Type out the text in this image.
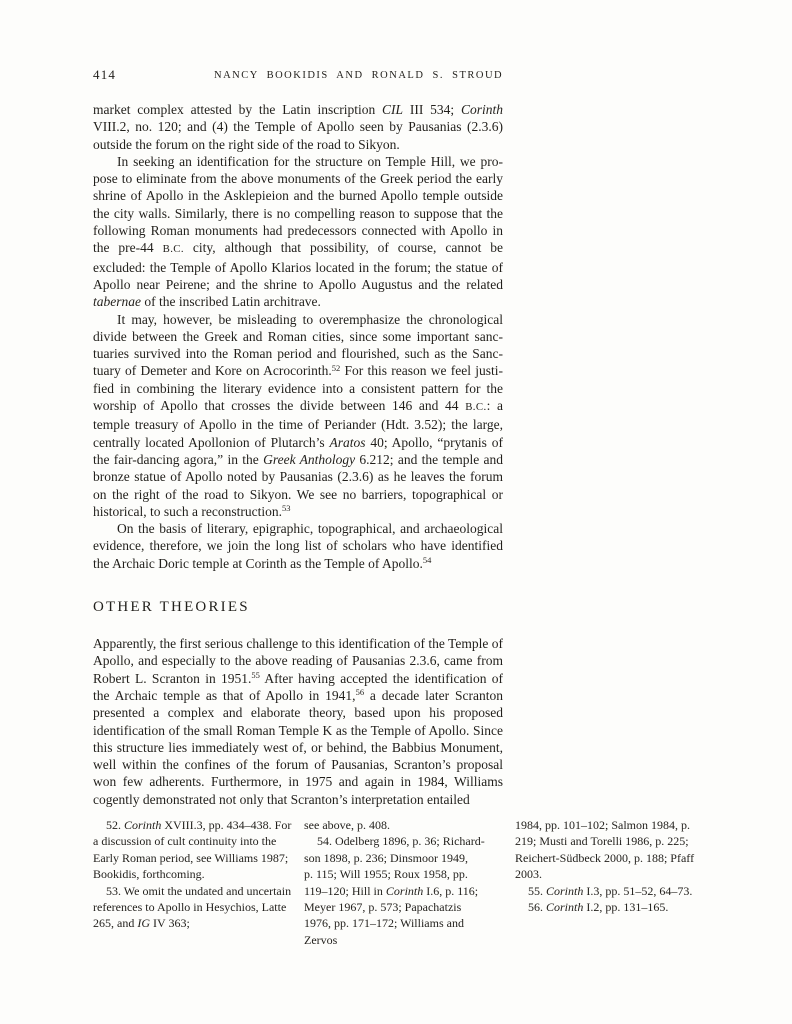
414	NANCY BOOKIDIS AND RONALD S. STROUD

market complex attested by the Latin inscription CIL III 534; Corinth VIII.2, no. 120; and (4) the Temple of Apollo seen by Pausanias (2.3.6) outside the forum on the right side of the road to Sikyon.

In seeking an identification for the structure on Temple Hill, we propose to eliminate from the above monuments of the Greek period the early shrine of Apollo in the Asklepieion and the burned Apollo temple outside the city walls. Similarly, there is no compelling reason to suppose that the following Roman monuments had predecessors connected with Apollo in the pre-44 B.C. city, although that possibility, of course, cannot be excluded: the Temple of Apollo Klarios located in the forum; the statue of Apollo near Peirene; and the shrine to Apollo Augustus and the related tabernae of the inscribed Latin architrave.

It may, however, be misleading to overemphasize the chronological divide between the Greek and Roman cities, since some important sanctuaries survived into the Roman period and flourished, such as the Sanctuary of Demeter and Kore on Acrocorinth.$^{52}$ For this reason we feel justified in combining the literary evidence into a consistent pattern for the worship of Apollo that crosses the divide between 146 and 44 B.C.: a temple treasury of Apollo in the time of Periander (Hdt. 3.52); the large, centrally located Apollonion of Plutarch’s Aratos 40; Apollo, “prytanis of the fair-dancing agora,” in the Greek Anthology 6.212; and the temple and bronze statue of Apollo noted by Pausanias (2.3.6) as he leaves the forum on the right of the road to Sikyon. We see no barriers, topographical or historical, to such a reconstruction.$^{53}$

On the basis of literary, epigraphic, topographical, and archaeological evidence, therefore, we join the long list of scholars who have identified the Archaic Doric temple at Corinth as the Temple of Apollo.$^{54}$

OTHER THEORIES

Apparently, the first serious challenge to this identification of the Temple of Apollo, and especially to the above reading of Pausanias 2.3.6, came from Robert L. Scranton in 1951.55 After having accepted the identification of the Archaic temple as that of Apollo in 1941,56 a decade later Scranton presented a complex and elaborate theory, based upon his proposed identification of the small Roman Temple K as the Temple of Apollo. Since this structure lies immediately west of, or behind, the Babbius Monument, well within the confines of the forum of Pausanias, Scranton’s proposal won few adherents. Furthermore, in 1975 and again in 1984, Williams cogently demonstrated not only that Scranton’s interpretation entailed

52. Corinth XVIII.3, pp. 434–438. For a discussion of cult continuity into the Early Roman period, see Williams 1987; Bookidis, forthcoming.

53. We omit the undated and uncertain references to Apollo in Hesychios, Latte 265, and IG IV 363;

see above, p. 408.

54. Odelberg 1896, p. 36; Richardson 1898, p. 236; Dinsmoor 1949, p. 115; Will 1955; Roux 1958, pp. 119–120; Hill in Corinth I.6, p. 116; Meyer 1967, p. 573; Papachatzis 1976, pp. 171–172; Williams and Zervos

1984, pp. 101–102; Salmon 1984, p. 219; Musti and Torelli 1986, p. 225; Reichert-Südbeck 2000, p. 188; Pfaff 2003.

55. Corinth I.3, pp. 51–52, 64–73.

56. Corinth I.2, pp. 131–165.
